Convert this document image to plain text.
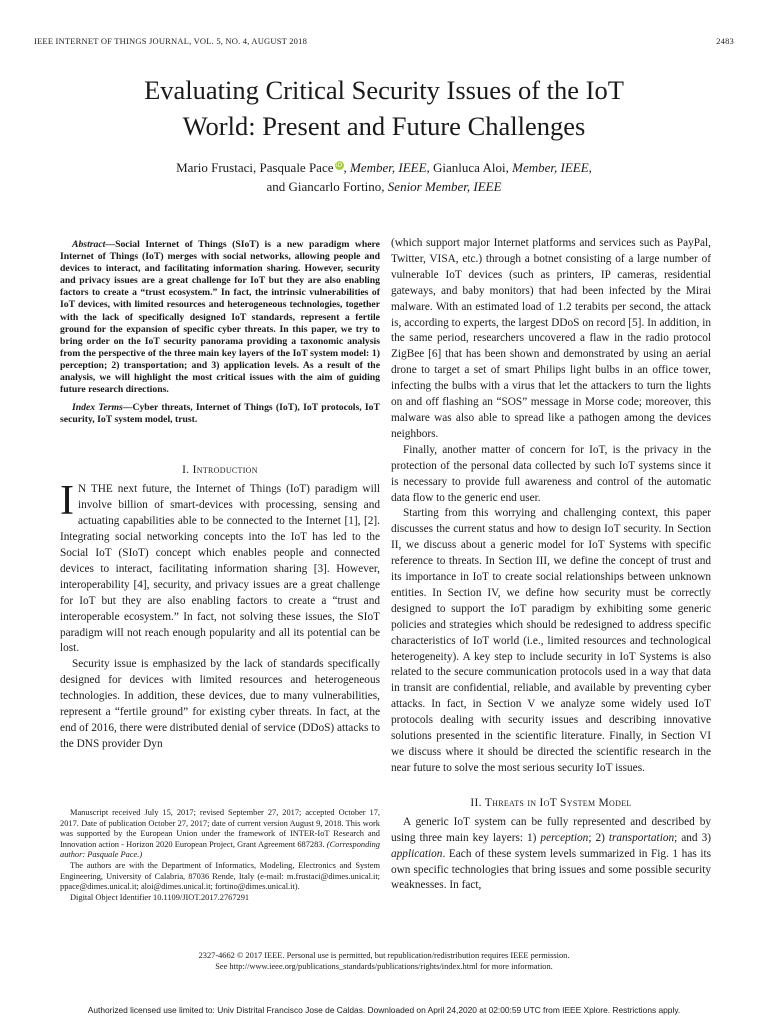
IEEE INTERNET OF THINGS JOURNAL, VOL. 5, NO. 4, AUGUST 2018	2483
Evaluating Critical Security Issues of the IoT
World: Present and Future Challenges
Mario Frustaci, Pasquale Pace iD, Member, IEEE, Gianluca Aloi, Member, IEEE,
and Giancarlo Fortino, Senior Member, IEEE

Abstract—Social Internet of Things (SIoT) is a new paradigm where Internet of Things (IoT) merges with social networks, allowing people and devices to interact, and facilitating information sharing. However, security and privacy issues are a great challenge for IoT but they are also enabling factors to create a “trust ecosystem.” In fact, the intrinsic vulnerabilities of IoT devices, with limited resources and heterogeneous technologies, together with the lack of specifically designed IoT standards, represent a fertile ground for the expansion of specific cyber threats. In this paper, we try to bring order on the IoT security panorama providing a taxonomic analysis from the perspective of the three main key layers of the IoT system model: 1) perception; 2) transportation; and 3) application levels. As a result of the analysis, we will highlight the most critical issues with the aim of guiding future research directions.

Index Terms—Cyber threats, Internet of Things (IoT), IoT protocols, IoT security, IoT system model, trust.

I. Introduction

I N THE next future, the Internet of Things (IoT) paradigm will involve billion of smart-devices with processing, sensing and actuating capabilities able to be connected to the Internet [1], [2]. Integrating social networking concepts into the IoT has led to the Social IoT (SIoT) concept which enables people and connected devices to interact, facilitating information sharing [3]. However, interoperability [4], security, and privacy issues are a great challenge for IoT but they are also enabling factors to create a “trust and interoperable ecosystem.” In fact, not solving these issues, the SIoT paradigm will not reach enough popularity and all its potential can be lost.

Security issue is emphasized by the lack of standards specifically designed for devices with limited resources and heterogeneous technologies. In addition, these devices, due to many vulnerabilities, represent a “fertile ground” for existing cyber threats. In fact, at the end of 2016, there were distributed denial of service (DDoS) attacks to the DNS provider Dyn

Manuscript received July 15, 2017; revised September 27, 2017; accepted October 17, 2017. Date of publication October 27, 2017; date of current version August 9, 2018. This work was supported by the European Union under the framework of INTER-IoT Research and Innovation action - Horizon 2020 European Project, Grant Agreement 687283. (Corresponding author: Pasquale Pace.)

The authors are with the Department of Informatics, Modeling, Electronics and System Engineering, University of Calabria, 87036 Rende, Italy (e-mail: m.frustaci@dimes.unical.it; ppace@dimes.unical.it; aloi@dimes.unical.it; fortino@dimes.unical.it).

Digital Object Identifier 10.1109/JIOT.2017.2767291

(which support major Internet platforms and services such as PayPal, Twitter, VISA, etc.) through a botnet consisting of a large number of vulnerable IoT devices (such as printers, IP cameras, residential gateways, and baby monitors) that had been infected by the Mirai malware. With an estimated load of 1.2 terabits per second, the attack is, according to experts, the largest DDoS on record [5]. In addition, in the same period, researchers uncovered a flaw in the radio protocol ZigBee [6] that has been shown and demonstrated by using an aerial drone to target a set of smart Philips light bulbs in an office tower, infecting the bulbs with a virus that let the attackers to turn the lights on and off flashing an “SOS” message in Morse code; moreover, this malware was also able to spread like a pathogen among the devices neighbors.

Finally, another matter of concern for IoT, is the privacy in the protection of the personal data collected by such IoT systems since it is necessary to provide full awareness and control of the automatic data flow to the generic end user.

Starting from this worrying and challenging context, this paper discusses the current status and how to design IoT security. In Section II, we discuss about a generic model for IoT Systems with specific reference to threats. In Section III, we define the concept of trust and its importance in IoT to create social relationships between unknown entities. In Section IV, we define how security must be correctly designed to support the IoT paradigm by exhibiting some generic policies and strategies which should be redesigned to address specific characteristics of IoT world (i.e., limited resources and technological heterogeneity). A key step to include security in IoT Systems is also related to the secure communication protocols used in a way that data in transit are confidential, reliable, and available by preventing cyber attacks. In fact, in Section V we analyze some widely used IoT protocols dealing with security issues and describing innovative solutions presented in the scientific literature. Finally, in Section VI we discuss where it should be directed the scientific research in the near future to solve the most serious security IoT issues.

II. Threats in IoT System Model

A generic IoT system can be fully represented and described by using three main key layers: 1) perception; 2) transportation; and 3) application. Each of these system levels summarized in Fig. 1 has its own specific technologies that bring issues and some possible security weaknesses. In fact,

2327-4662 © 2017 IEEE. Personal use is permitted, but republication/redistribution requires IEEE permission.
See http://www.ieee.org/publications_standards/publications/rights/index.html for more information.
Authorized licensed use limited to: Univ Distrital Francisco Jose de Caldas. Downloaded on April 24,2020 at 02:00:59 UTC from IEEE Xplore. Restrictions apply.
